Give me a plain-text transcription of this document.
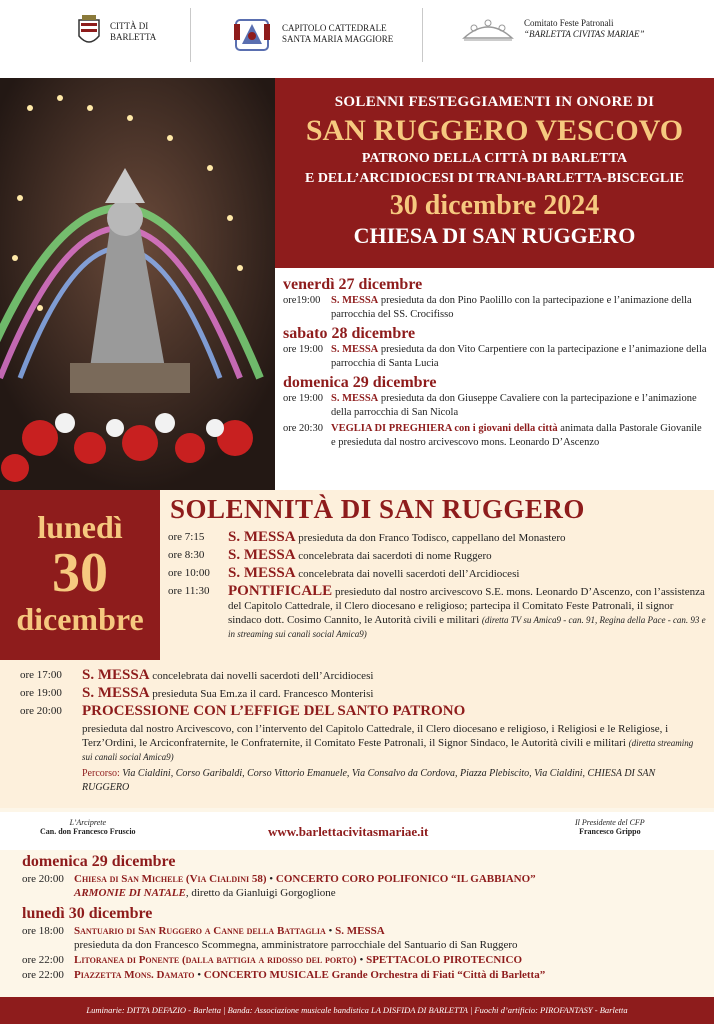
CITTÀ DI
BARLETTA
CAPITOLO CATTEDRALE
SANTA MARIA MAGGIORE
Comitato Feste Patronali
“BARLETTA CIVITAS MARIAE”
SOLENNI FESTEGGIAMENTI IN ONORE DI
SAN RUGGERO VESCOVO
PATRONO DELLA CITTÀ DI BARLETTA
E DELL’ARCIDIOCESI DI TRANI-BARLETTA-BISCEGLIE
30 dicembre 2024
CHIESA DI SAN RUGGERO
venerdì 27 dicembre
ore19:00	S. MESSA presieduta da don Pino Paolillo con la partecipazione e l’animazione della parrocchia del SS. Crocifisso
sabato 28 dicembre
ore 19:00 S. MESSA presieduta da don Vito Carpentiere con la partecipazione e l’animazione della parrocchia di Santa Lucia
domenica 29 dicembre
ore 19:00 S. MESSA presieduta da don Giuseppe Cavaliere con la partecipazione e l’animazione della parrocchia di San Nicola
ore 20:30 VEGLIA DI PREGHIERA con i giovani della città animata dalla Pastorale Giovanile e presieduta dal nostro arcivescovo mons. Leonardo D’Ascenzo
lunedì
30
dicembre
SOLENNITÀ DI SAN RUGGERO
ore 7:15	S. MESSA presieduta da don Franco Todisco, cappellano del Monastero
ore 8:30	S. MESSA concelebrata dai sacerdoti di nome Ruggero
ore 10:00	S. MESSA concelebrata dai novelli sacerdoti dell’Arcidiocesi
ore 11:30	PONTIFICALE presieduto dal nostro arcivescovo S.E. mons. Leonardo D’Ascenzo, con l’assistenza del Capitolo Cattedrale, il Clero diocesano e religioso; partecipa il Comitato Feste Patronali, il signor sindaco dott. Cosimo Cannito, le Autorità civili e militari (diretta TV su Amica9 - can. 91, Regina della Pace - can. 93 e in streaming sui canali social Amica9)
ore 17:00	S. MESSA concelebrata dai novelli sacerdoti dell’Arcidiocesi
ore 19:00	S. MESSA presieduta Sua Em.za il card. Francesco Monterisi
ore 20:00	PROCESSIONE CON L’EFFIGE DEL SANTO PATRONO
presieduta dal nostro Arcivescovo, con l’intervento del Capitolo Cattedrale, il Clero diocesano e religioso, i Religiosi e le Religiose, i Terz’Ordini, le Arciconfraternite, le Confraternite, il Comitato Feste Patronali, il Signor Sindaco, le Autorità civili e militari (diretta streaming sui canali social Amica9)
Percorso: Via Cialdini, Corso Garibaldi, Corso Vittorio Emanuele, Via Consalvo da Cordova, Piazza Plebiscito, Via Cialdini, CHIESA DI SAN RUGGERO
L’Arciprete
Can. don Francesco Fruscio	www.barlettacivitasmariae.it
Il Presidente del CFP
Francesco Grippo
domenica 29 dicembre
ore 20:00 Chiesa di San Michele (Via Cialdini 58) • CONCERTO CORO POLIFONICO “IL GABBIANO”
ARMONIE DI NATALE, diretto da Gianluigi Gorgoglione
lunedì 30 dicembre
ore 18:00 Santuario di San Ruggero a Canne della Battaglia • S. MESSA
presieduta da don Francesco Scommegna, amministratore parrocchiale del Santuario di San Ruggero
ore 22:00 Litoranea di Ponente (dalla battigia a ridosso del porto) • SPETTACOLO PIROTECNICO
ore 22:00 Piazzetta Mons. Damato • CONCERTO MUSICALE Grande Orchestra di Fiati “Città di Barletta”
Luminarie: DITTA DEFAZIO - Barletta | Banda: Associazione musicale bandistica LA DISFIDA DI BARLETTA | Fuochi d’artificio: PIROFANTASY - Barletta
